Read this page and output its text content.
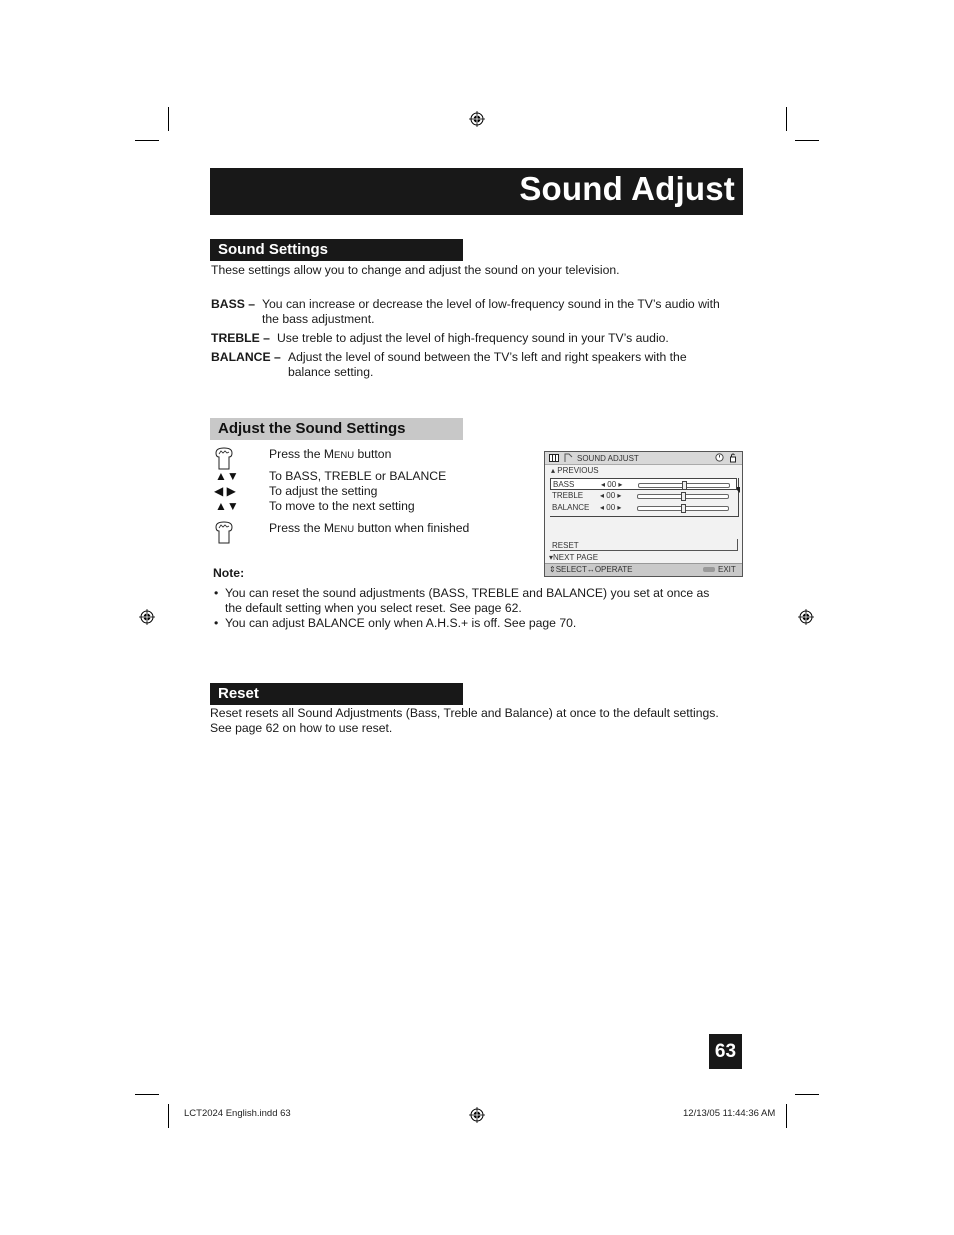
Sound Adjust
Sound Settings
These settings allow you to change and adjust the sound on your television.
BASS – You can increase or decrease the level of low-frequency sound in the TV’s audio with
the bass adjustment.
TREBLE – Use treble to adjust the level of high-frequency sound in your TV’s audio.
BALANCE – Adjust the level of sound between the TV’s left and right speakers with the
balance setting.
Adjust the Sound Settings
Press the MENU button
▲▼ To BASS, TREBLE or BALANCE
◀ ▶	To adjust the setting
▲▼ To move to the next setting
Press the MENU button when finished
SOUND ADJUST
▴ PREVIOUS
BASS	◂ 00 ▸
TREBLE ◂ 00 ▸
BALANCE ◂ 00 ▸
RESET
▾NEXT PAGE
⇕SELECT↔OPERATE	EXIT
Note:
• You can reset the sound adjustments (BASS, TREBLE and BALANCE) you set at once as
the default setting when you select reset. See page 62.
• You can adjust BALANCE only when A.H.S.+ is off. See page 70.
Reset
Reset resets all Sound Adjustments (Bass, Treble and Balance) at once to the default settings.
See page 62 on how to use reset.
63
LCT2024 English.indd 63	12/13/05 11:44:36 AM
